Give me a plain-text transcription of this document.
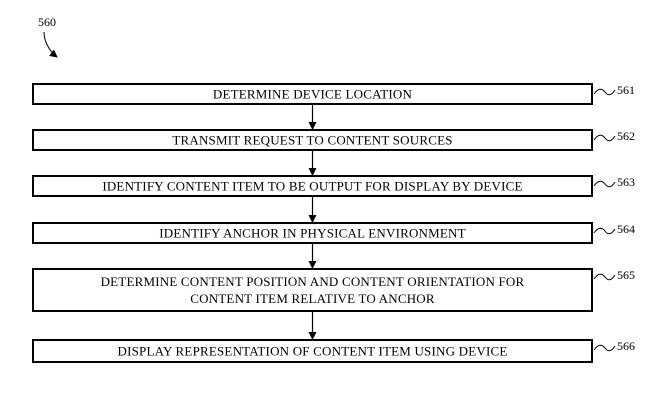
560
DETERMINE DEVICE LOCATION	561
TRANSMIT REQUEST TO CONTENT SOURCES	562
IDENTIFY CONTENT ITEM TO BE OUTPUT FOR DISPLAY BY DEVICE	563
IDENTIFY ANCHOR IN PHYSICAL ENVIRONMENT	564
DETERMINE CONTENT POSITION AND CONTENT ORIENTATION FOR
CONTENT ITEM RELATIVE TO ANCHOR
565
DISPLAY REPRESENTATION OF CONTENT ITEM USING DEVICE	566
